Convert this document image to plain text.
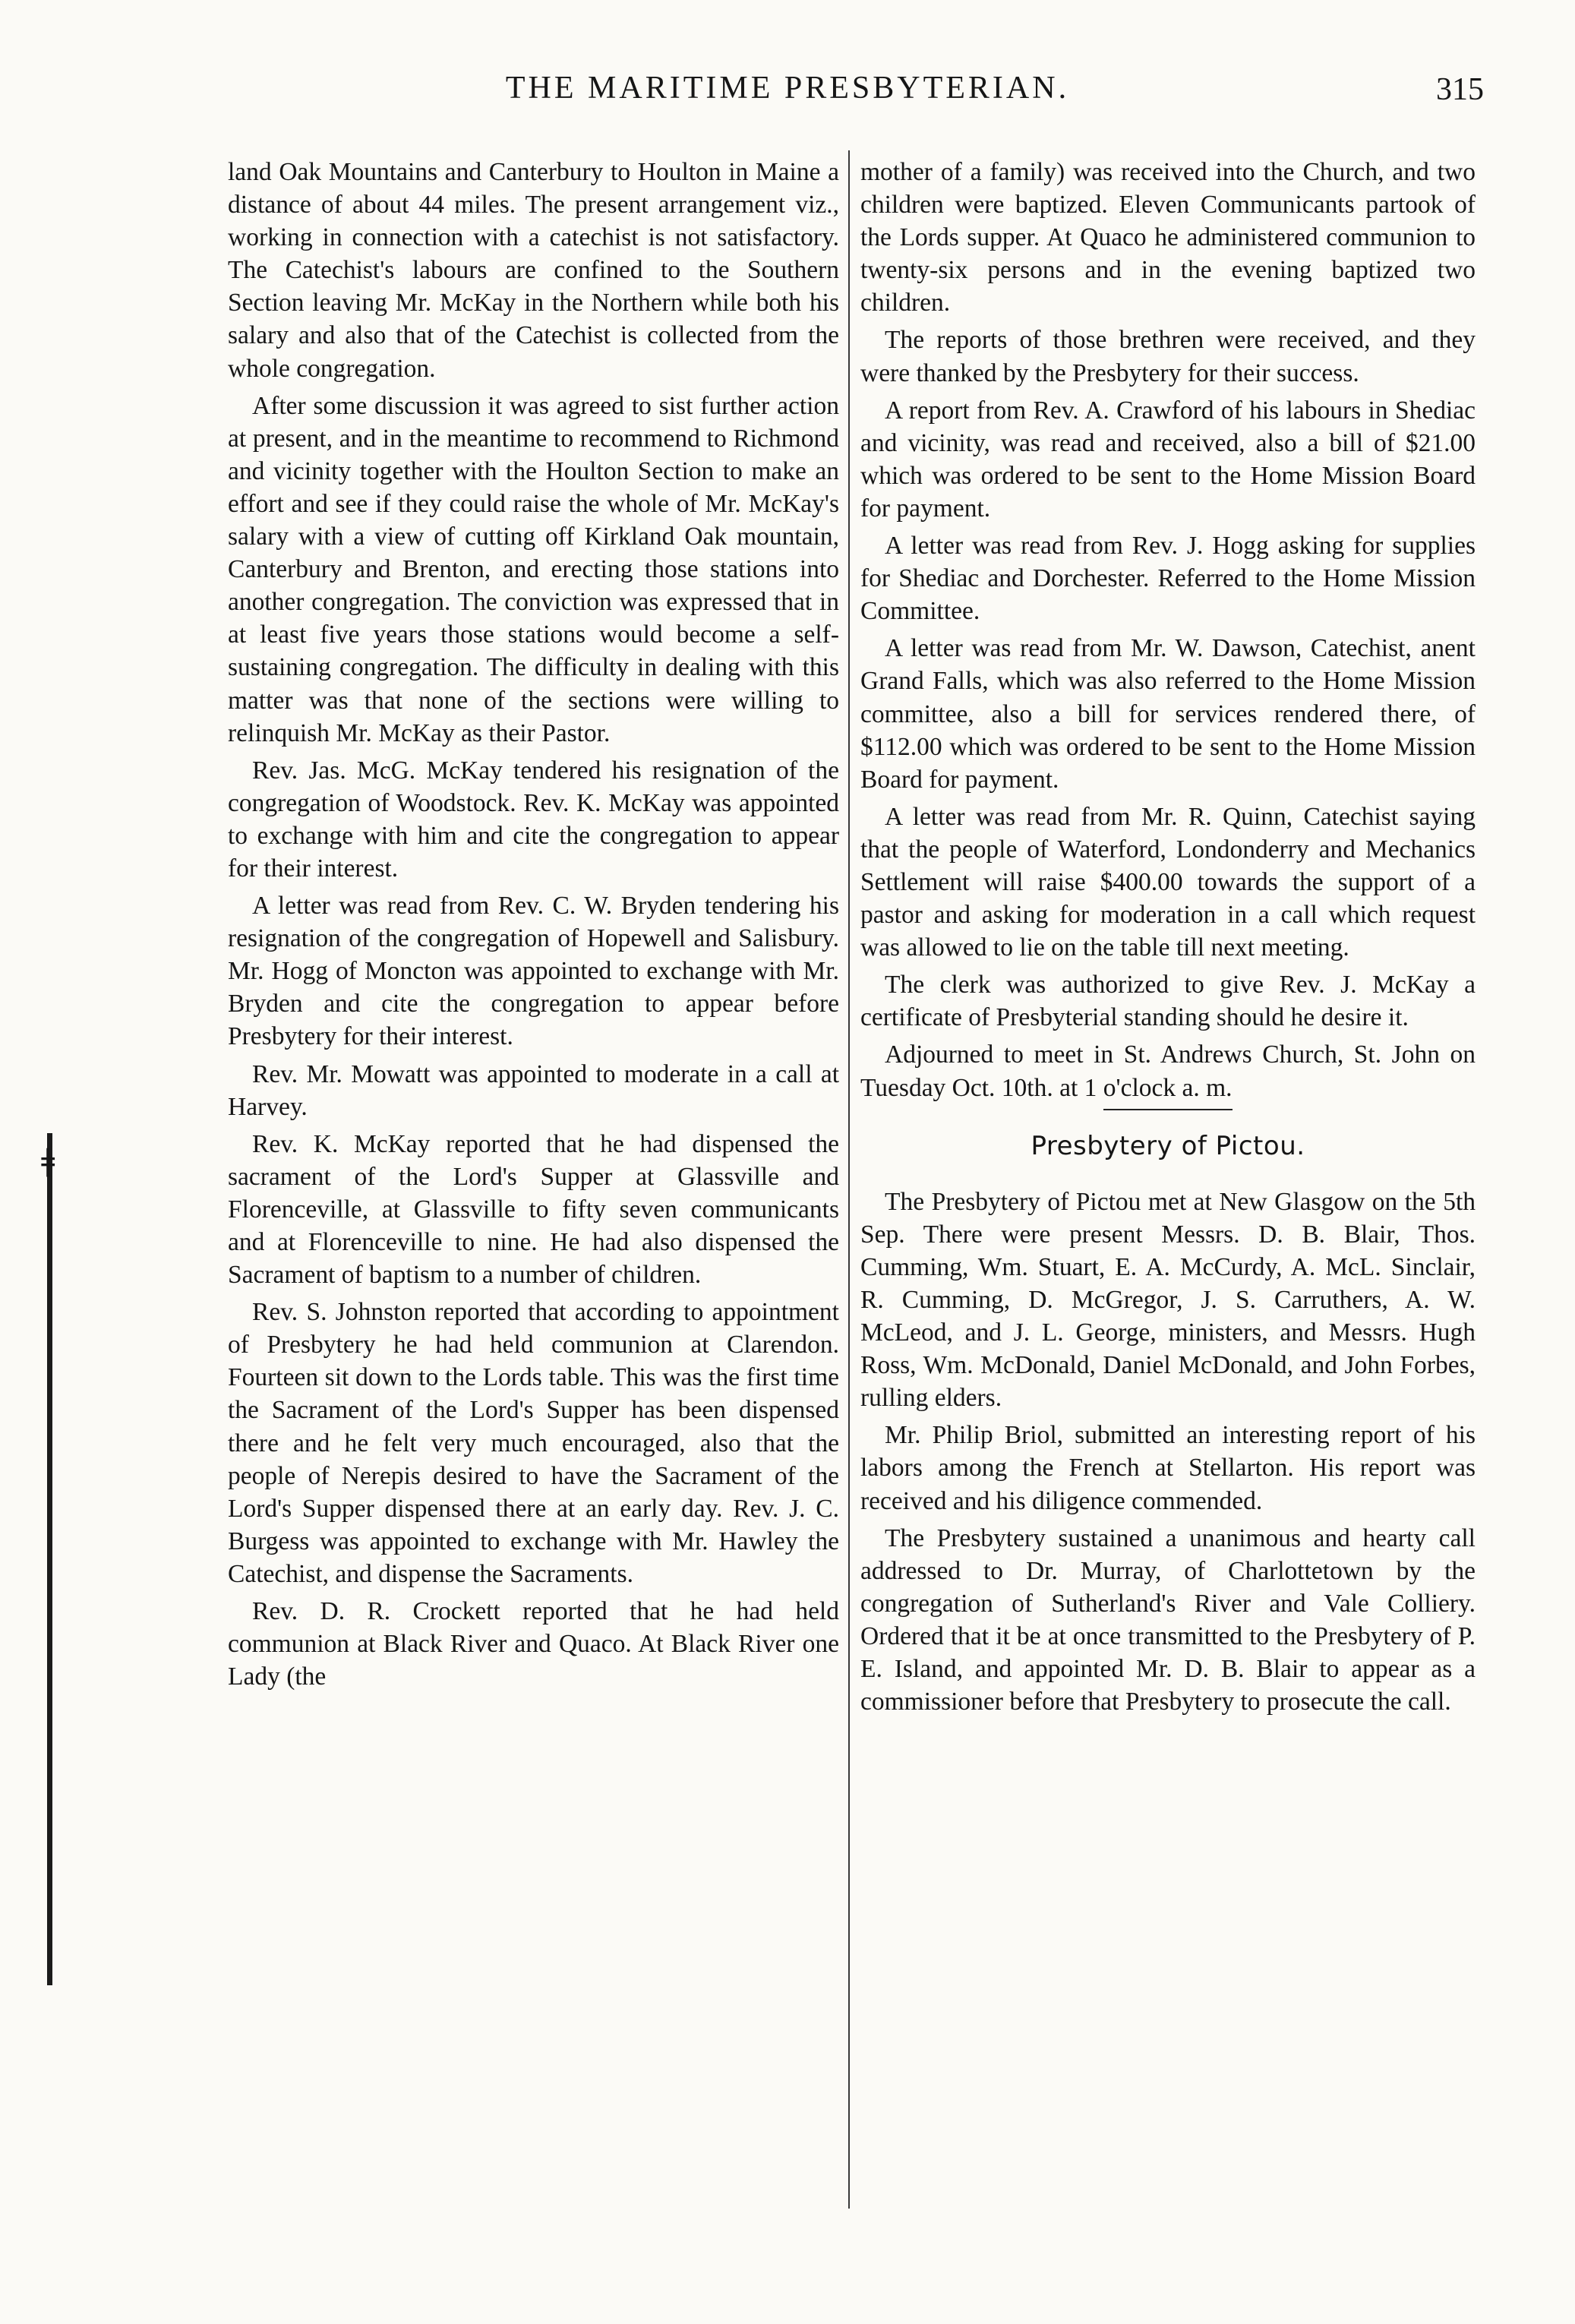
THE MARITIME PRESBYTERIAN.	315
ǂ

land Oak Mountains and Canterbury to Houlton in Maine a distance of about 44 miles. The present arrangement viz., working in connection with a catechist is not satisfactory. The Catechist's labours are confined to the Southern Section leaving Mr. McKay in the Northern while both his salary and also that of the Catechist is collected from the whole congregation.

After some discussion it was agreed to sist further action at present, and in the meantime to recommend to Richmond and vicinity together with the Houlton Section to make an effort and see if they could raise the whole of Mr. McKay's salary with a view of cutting off Kirkland Oak mountain, Canterbury and Brenton, and erecting those stations into another congregation. The conviction was expressed that in at least five years those stations would become a self-sustaining congregation. The difficulty in dealing with this matter was that none of the sections were willing to relinquish Mr. McKay as their Pastor.

Rev. Jas. McG. McKay tendered his resignation of the congregation of Woodstock. Rev. K. McKay was appointed to exchange with him and cite the congregation to appear for their interest.

A letter was read from Rev. C. W. Bryden tendering his resignation of the congregation of Hopewell and Salisbury. Mr. Hogg of Moncton was appointed to exchange with Mr. Bryden and cite the congregation to appear before Presbytery for their interest.

Rev. Mr. Mowatt was appointed to moderate in a call at Harvey.

Rev. K. McKay reported that he had dispensed the sacrament of the Lord's Supper at Glassville and Florenceville, at Glassville to fifty seven communicants and at Florenceville to nine. He had also dispensed the Sacrament of baptism to a number of children.

Rev. S. Johnston reported that according to appointment of Presbytery he had held communion at Clarendon. Fourteen sit down to the Lords table. This was the first time the Sacrament of the Lord's Supper has been dispensed there and he felt very much encouraged, also that the people of Nerepis desired to have the Sacrament of the Lord's Supper dispensed there at an early day. Rev. J. C. Burgess was appointed to exchange with Mr. Hawley the Catechist, and dispense the Sacraments.

Rev. D. R. Crockett reported that he had held communion at Black River and Quaco. At Black River one Lady (the

mother of a family) was received into the Church, and two children were baptized. Eleven Communicants partook of the Lords supper. At Quaco he administered communion to twenty-six persons and in the evening baptized two children.

The reports of those brethren were received, and they were thanked by the Presbytery for their success.

A report from Rev. A. Crawford of his labours in Shediac and vicinity, was read and received, also a bill of $21.00 which was ordered to be sent to the Home Mission Board for payment.

A letter was read from Rev. J. Hogg asking for supplies for Shediac and Dorchester. Referred to the Home Mission Committee.

A letter was read from Mr. W. Dawson, Catechist, anent Grand Falls, which was also referred to the Home Mission committee, also a bill for services rendered there, of $112.00 which was ordered to be sent to the Home Mission Board for payment.

A letter was read from Mr. R. Quinn, Catechist saying that the people of Waterford, Londonderry and Mechanics Settlement will raise $400.00 towards the support of a pastor and asking for moderation in a call which request was allowed to lie on the table till next meeting.

The clerk was authorized to give Rev. J. McKay a certificate of Presbyterial standing should he desire it.

Adjourned to meet in St. Andrews Church, St. John on Tuesday Oct. 10th. at 1 o'clock a. m.

Presbytery of Pictou.

The Presbytery of Pictou met at New Glasgow on the 5th Sep. There were present Messrs. D. B. Blair, Thos. Cumming, Wm. Stuart, E. A. McCurdy, A. McL. Sinclair, R. Cumming, D. McGregor, J. S. Carruthers, A. W. McLeod, and J. L. George, ministers, and Messrs. Hugh Ross, Wm. McDonald, Daniel McDonald, and John Forbes, rulling elders.

Mr. Philip Briol, submitted an interesting report of his labors among the French at Stellarton. His report was received and his diligence commended.

The Presbytery sustained a unanimous and hearty call addressed to Dr. Murray, of Charlottetown by the congregation of Sutherland's River and Vale Colliery. Ordered that it be at once transmitted to the Presbytery of P. E. Island, and appointed Mr. D. B. Blair to appear as a commissioner before that Presbytery to prosecute the call.
